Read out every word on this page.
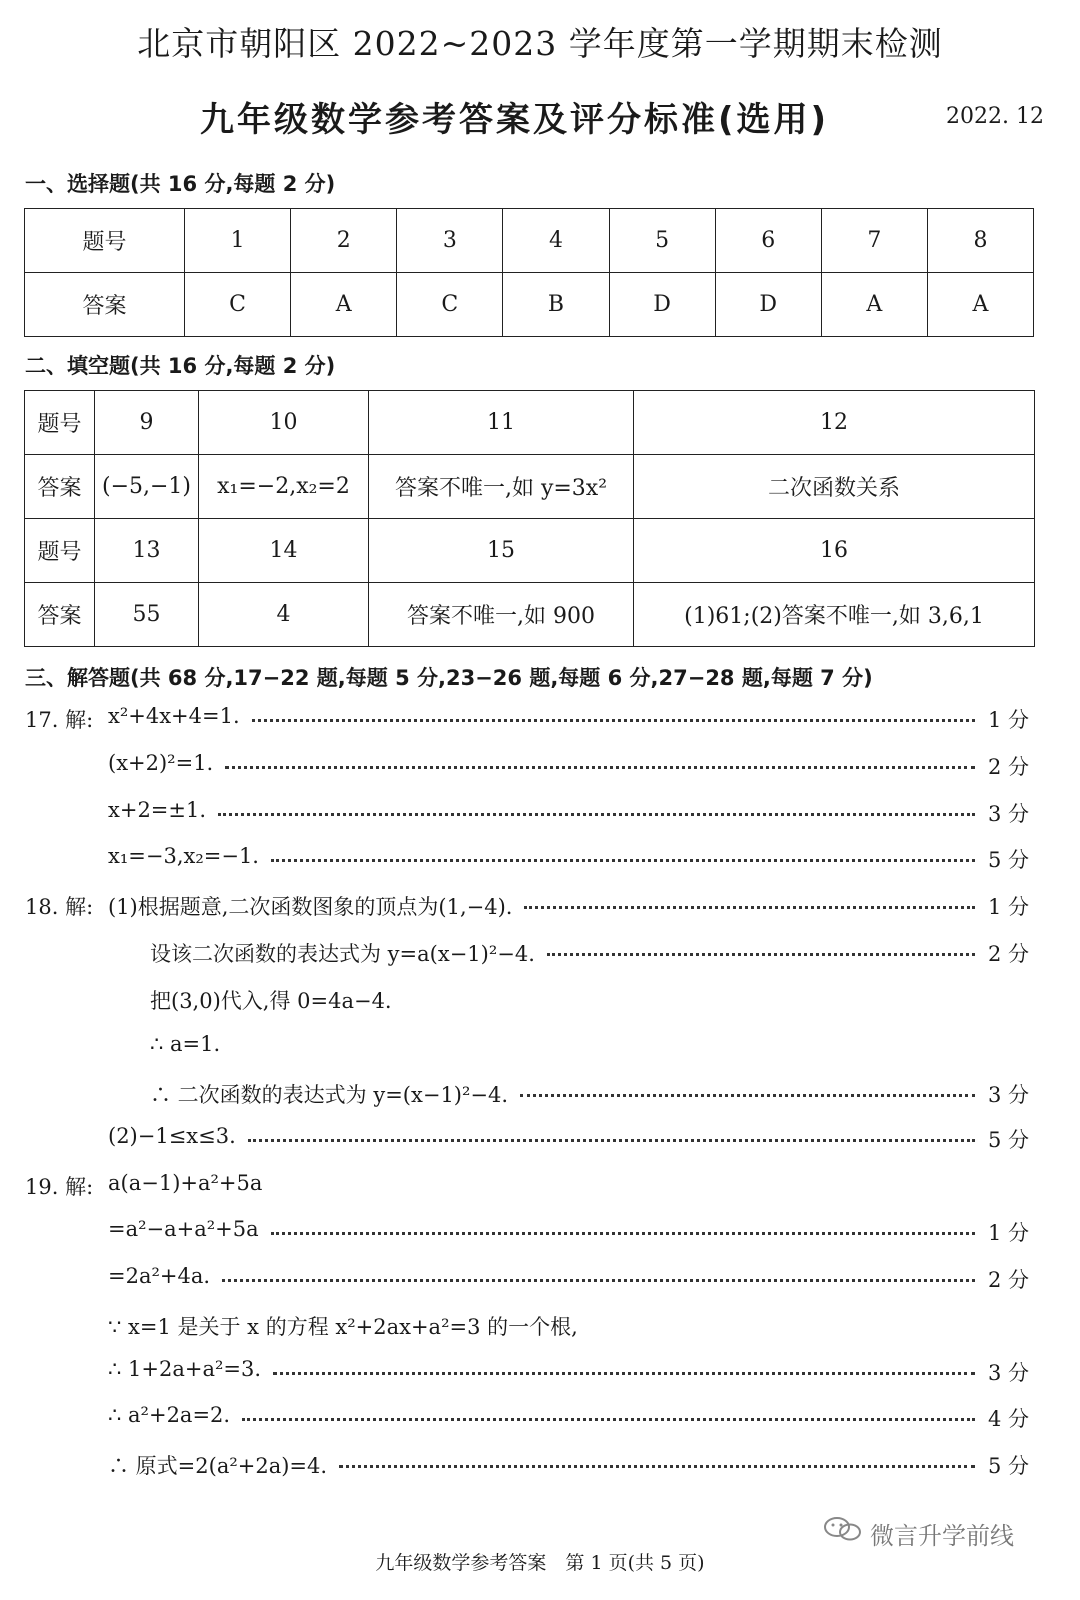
北京市朝阳区 2022~2023 学年度第一学期期末检测
九年级数学参考答案及评分标准(选用)	2022. 12
一、选择题(共 16 分,每题 2 分)
题号	1	2	3	4	5	6	7	8
答案	C	A	C	B	D	D	A	A
二、填空题(共 16 分,每题 2 分)
题号	9	10	11	12
答案	(−5,−1)	x₁=−2,x₂=2	答案不唯一,如 y=3x²	二次函数关系
题号	13	14	15	16
答案	55	4	答案不唯一,如 900	(1)61;(2)答案不唯一,如 3,6,1
三、解答题(共 68 分,17−22 题,每题 5 分,23−26 题,每题 6 分,27−28 题,每题 7 分)
17. 解: x²+4x+4=1.	1 分
(x+2)²=1.	2 分
x+2=±1.	3 分
x₁=−3,x₂=−1.	5 分
18. 解: (1)根据题意,二次函数图象的顶点为(1,−4).	1 分
设该二次函数的表达式为 y=a(x−1)²−4.	2 分
把(3,0)代入,得 0=4a−4.
∴ a=1.
∴ 二次函数的表达式为 y=(x−1)²−4.	3 分
(2)−1≤x≤3.	5 分
19. 解: a(a−1)+a²+5a
=a²−a+a²+5a	1 分
=2a²+4a.	2 分
∵ x=1 是关于 x 的方程 x²+2ax+a²=3 的一个根,
∴ 1+2a+a²=3.	3 分
∴ a²+2a=2.	4 分
∴ 原式=2(a²+2a)=4.	5 分
九年级数学参考答案　第 1 页(共 5 页)
微言升学前线
